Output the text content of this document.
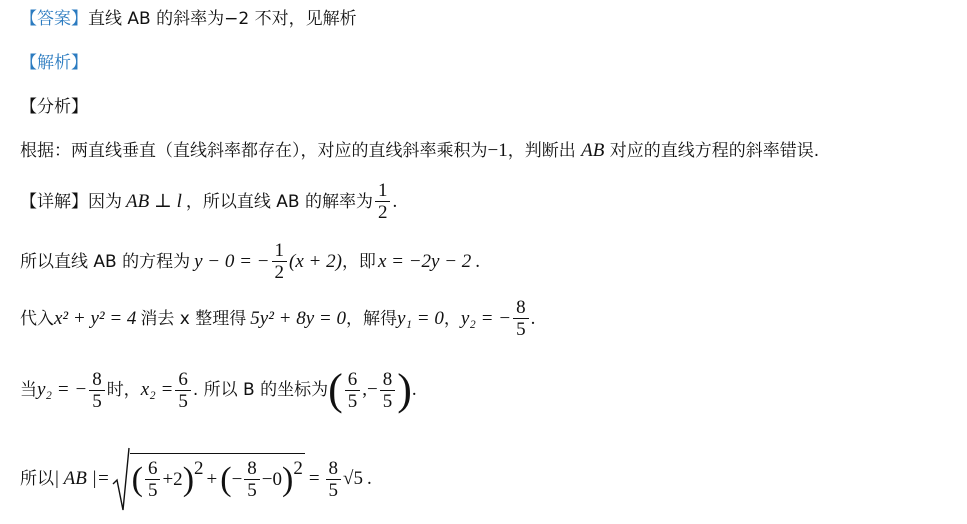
【答案】直线 AB 的斜率为−2 不对，见解析
【解析】
【分析】
根据：两直线垂直（直线斜率都存在），对应的直线斜率乘积为−1，判断出 AB 对应的直线方程的斜率错误.
【详解】 因为 AB ⊥ l ，所以直线 AB 的解率为 $\frac{1}{2}$ .
所以直线 AB 的方程为 y − 0 = − $\frac{1}{2} (x + 2)$ ，即 x = −2y − 2 .
代入 x² + y² = 4 消去 x 整理得 5y² + 8y = 0 ，解得 y₁ = 0 ， y₂ = − $\frac{8}{5}$ .
当 y₂ = − $\frac{8}{5}$ 时， $x_2 = \frac{6}{5}$ . 所以 B 的坐标为 ( $\frac{6}{5}$ ,− $\frac{8}{5}$ ) .
所以 | AB |= ( $\frac{6}{5} +2$ ) 2 + ( − $\frac{8}{5} -0$ ) $2 = \frac{8}{5} √5$ .
